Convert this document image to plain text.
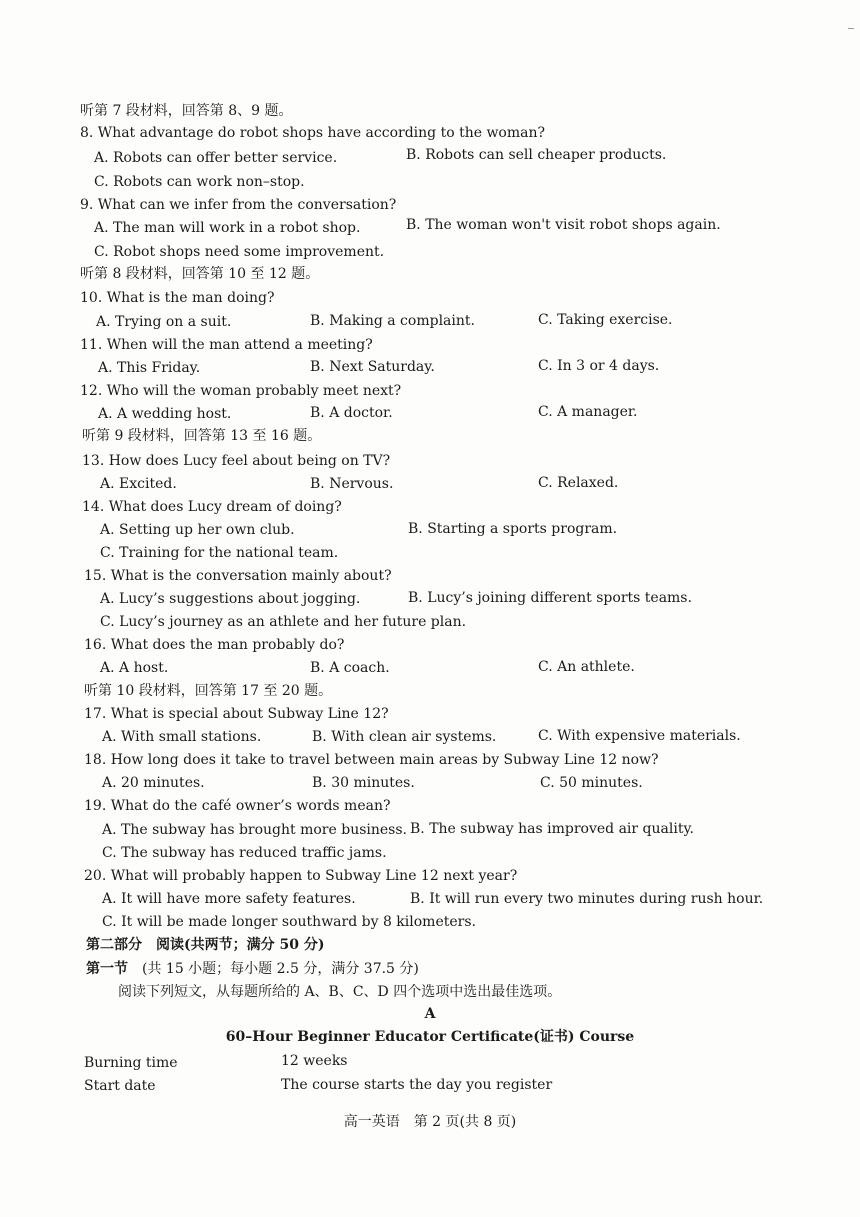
听第 7 段材料，回答第 8、9 题。
8. What advantage do robot shops have according to the woman?
A. Robots can offer better service.	B. Robots can sell cheaper products.
C. Robots can work non–stop.
9. What can we infer from the conversation?
A. The man will work in a robot shop.	B. The woman won't visit robot shops again.
C. Robot shops need some improvement.
听第 8 段材料，回答第 10 至 12 题。
10. What is the man doing?
A. Trying on a suit.	B. Making a complaint.	C. Taking exercise.
11. When will the man attend a meeting?
A. This Friday.	B. Next Saturday.	C. In 3 or 4 days.
12. Who will the woman probably meet next?
A. A wedding host.	B. A doctor.	C. A manager.
听第 9 段材料，回答第 13 至 16 题。
13. How does Lucy feel about being on TV?
A. Excited.	B. Nervous.	C. Relaxed.
14. What does Lucy dream of doing?
A. Setting up her own club.	B. Starting a sports program.
C. Training for the national team.
15. What is the conversation mainly about?
A. Lucy’s suggestions about jogging.	B. Lucy’s joining different sports teams.
C. Lucy’s journey as an athlete and her future plan.
16. What does the man probably do?
A. A host.	B. A coach.	C. An athlete.
听第 10 段材料，回答第 17 至 20 题。
17. What is special about Subway Line 12?
A. With small stations.	B. With clean air systems.	C. With expensive materials.
18. How long does it take to travel between main areas by Subway Line 12 now?
A. 20 minutes.	B. 30 minutes.	C. 50 minutes.
19. What do the café owner’s words mean?
A. The subway has brought more business. B. The subway has improved air quality.
C. The subway has reduced traffic jams.
20. What will probably happen to Subway Line 12 next year?
A. It will have more safety features.	B. It will run every two minutes during rush hour.
C. It will be made longer southward by 8 kilometers.
第二部分　阅读(共两节；满分 50 分)
第一节　(共 15 小题；每小题 2.5 分，满分 37.5 分)
阅读下列短文，从每题所给的 A、B、C、D 四个选项中选出最佳选项。
A
60–Hour Beginner Educator Certificate(证书) Course
Burning time	12 weeks
Start date	The course starts the day you register
高一英语　第 2 页(共 8 页)
